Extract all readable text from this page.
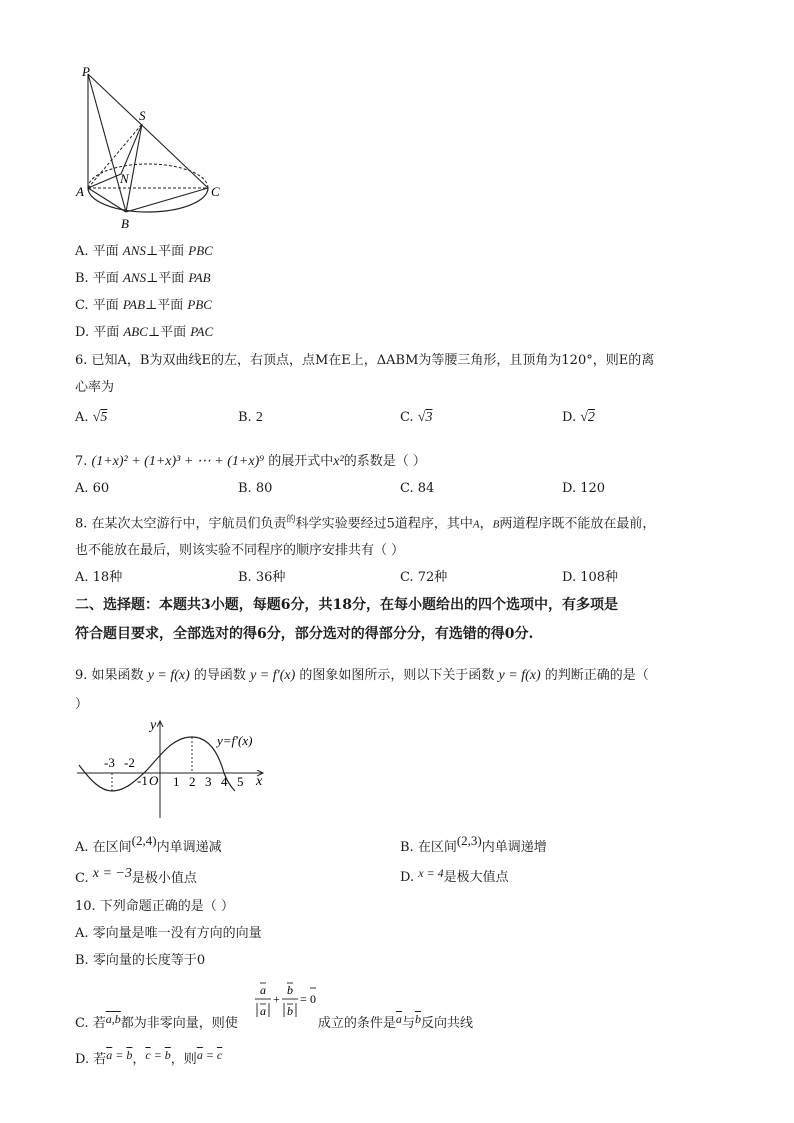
P
S
N
A
B
C
A. 平面 ANS⊥平面 PBC
B. 平面 ANS⊥平面 PAB
C. 平面 PAB⊥平面 PBC
D. 平面 ABC⊥平面 PAC
6. 已知A，B为双曲线E的左，右顶点，点M在E上，ΔABM为等腰三角形，且顶角为120°，则E的离
心率为
A. √5	B. 2	C. √3	D. √2
7. (1+x)² + (1+x)³ + ⋯ + (1+x)⁹ 的展开式中x²的系数是（ ）
A. 60	B. 80	C. 84	D. 120
8. 在某次太空游行中，宇航员们负责$^的$科学实验要经过5道程序，其中A，B两道程序既不能放在最前，
也不能放在最后，则该实验不同程序的顺序安排共有（ ）
A. 18种	B. 36种	C. 72种	D. 108种
二、选择题：本题共3小题，每题6分，共18分，在每小题给出的四个选项中，有多项是
符合题目要求，全部选对的得6分，部分选对的得部分分，有选错的得0分.
9. 如果函数 y = f(x) 的导函数 y = f′(x) 的图象如图所示，则以下关于函数 y = f(x) 的判断正确的是（
）
y
x
y=f′(x)
-3 -2
-1 O 1 2 3 4 5
A. 在区间(2,4)内单调递减	B. 在区间(2,3)内单调递增
C. x = −3是极小值点	D. x = 4是极大值点
10. 下列命题正确的是（ ）
A. 零向量是唯一没有方向的向量
B. 零向量的长度等于0
a
a
+
b
b
= 0
C. 若a,b都为非零向量，则使	成立的条件是$\overline{a}$与$\overline{b}$反向共线
D. 若$\overline{a} = \overline{b}$，$\overline{c} = \overline{b}$，则$\overline{a} = \overline{c}$
